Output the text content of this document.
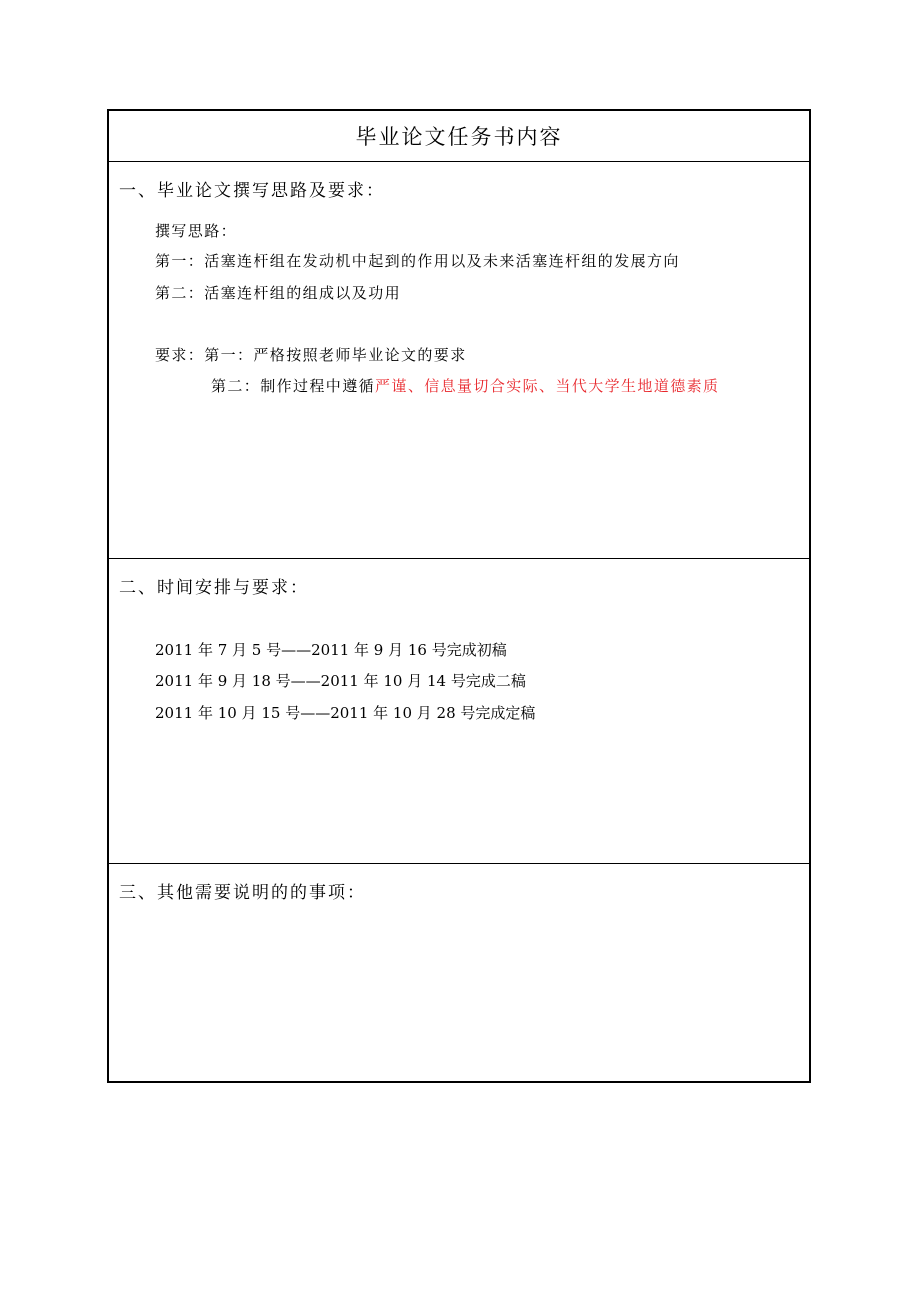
毕业论文任务书内容
一、毕业论文撰写思路及要求：
撰写思路：
第一：活塞连杆组在发动机中起到的作用以及未来活塞连杆组的发展方向
第二：活塞连杆组的组成以及功用
要求：第一：严格按照老师毕业论文的要求
第二：制作过程中遵循严谨、信息量切合实际、当代大学生地道德素质
二、时间安排与要求：
2011 年 7 月 5 号——2011 年 9 月 16 号完成初稿
2011 年 9 月 18 号——2011 年 10 月 14 号完成二稿
2011 年 10 月 15 号——2011 年 10 月 28 号完成定稿
三、其他需要说明的的事项：
